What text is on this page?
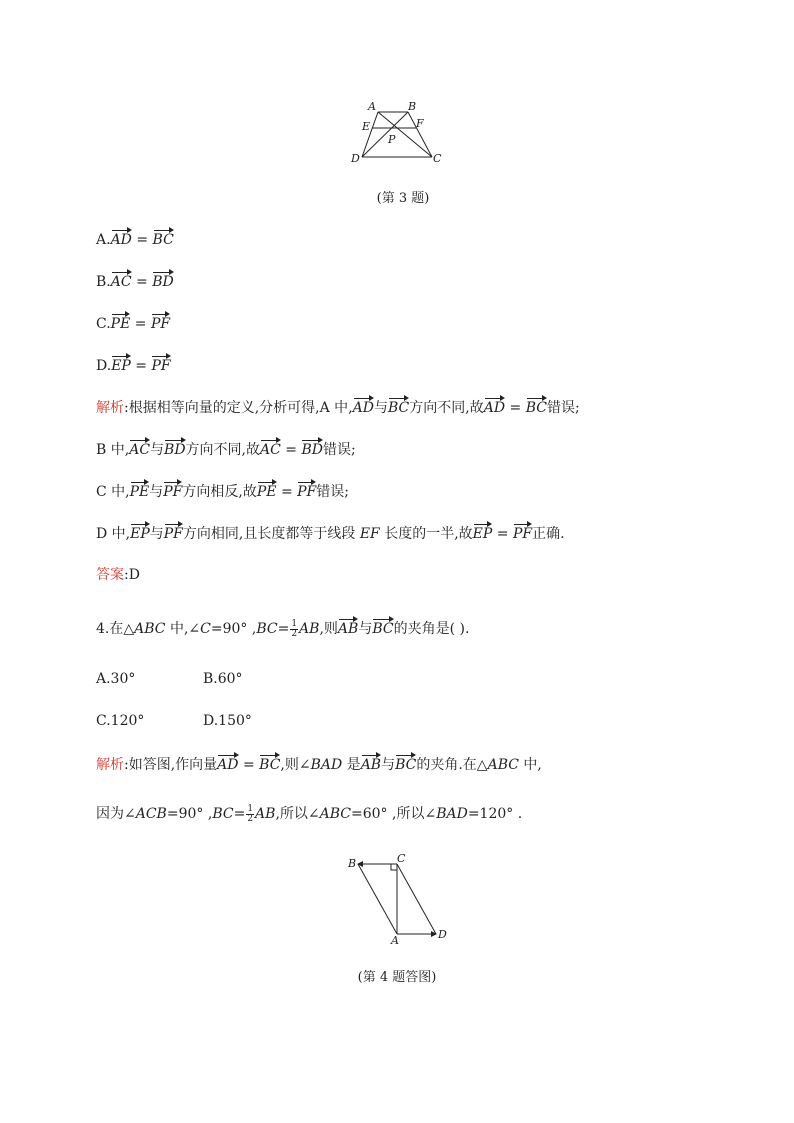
A	B
E	F
P
D	C
(第 3 题)
A.AD = BC
B.AC = BD
C.PE = PF
D.EP = PF
解析:根据相等向量的定义,分析可得,A 中,AD与BC方向不同,故AD = BC错误;
B 中,AC与BD方向不同,故AC = BD错误;
C 中,PE与PF方向相反,故PE = PF错误;
D 中,EP与PF方向相同,且长度都等于线段 EF 长度的一半,故EP = PF正确.
答案:D
4.在△ABC 中,∠C=90° $,BC= \frac{1}{2}$ AB,则AB与BC的夹角是( ).
A.30°	B.60°
C.120°	D.150°
解析:如答图,作向量AD = BC,则∠BAD 是AB与BC的夹角.在△ABC 中,
因为∠ACB=90° $,BC= \frac{1}{2}$ AB,所以∠ABC=60° ,所以∠BAD=120° .
B	C
A	D
(第 4 题答图)
